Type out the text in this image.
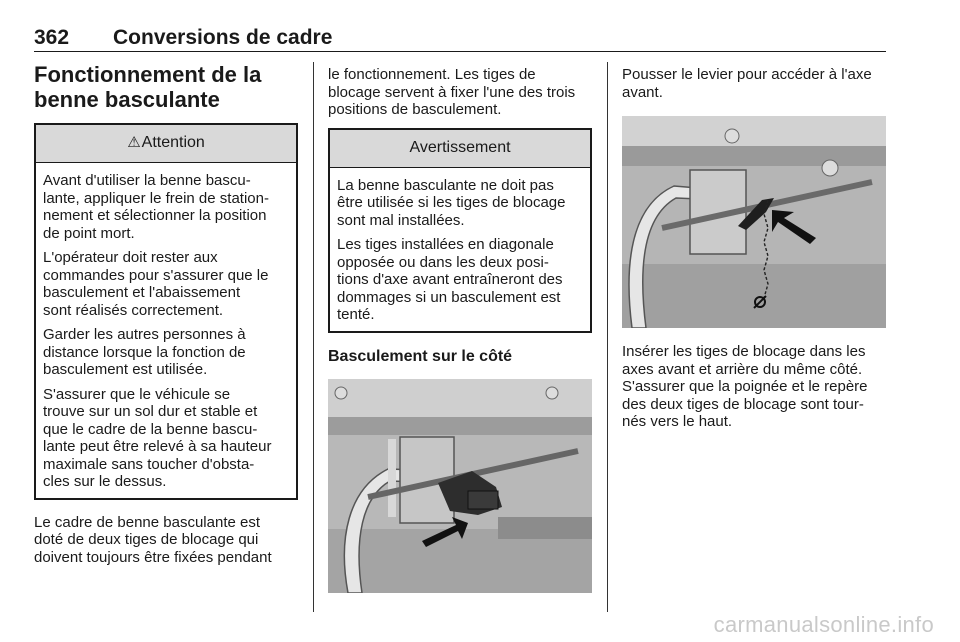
362 Conversions de cadre
Fonctionnement de la
benne basculante
⚠Attention
Avant d'utiliser la benne bascu-
lante, appliquer le frein de station-
nement et sélectionner la position
de point mort.
L'opérateur doit rester aux
commandes pour s'assurer que le
basculement et l'abaissement
sont réalisés correctement.
Garder les autres personnes à
distance lorsque la fonction de
basculement est utilisée.
S'assurer que le véhicule se
trouve sur un sol dur et stable et
que le cadre de la benne bascu-
lante peut être relevé à sa hauteur
maximale sans toucher d'obsta-
cles sur le dessus.
Le cadre de benne basculante est
doté de deux tiges de blocage qui
doivent toujours être fixées pendant
le fonctionnement. Les tiges de
blocage servent à fixer l'une des trois
positions de basculement.
Avertissement
La benne basculante ne doit pas
être utilisée si les tiges de blocage
sont mal installées.
Les tiges installées en diagonale
opposée ou dans les deux posi-
tions d'axe avant entraîneront des
dommages si un basculement est
tenté.
Basculement sur le côté
Pousser le levier pour accéder à l'axe
avant.
Insérer les tiges de blocage dans les
axes avant et arrière du même côté.
S'assurer que la poignée et le repère
des deux tiges de blocage sont tour-
nés vers le haut.
carmanualsonline.info
